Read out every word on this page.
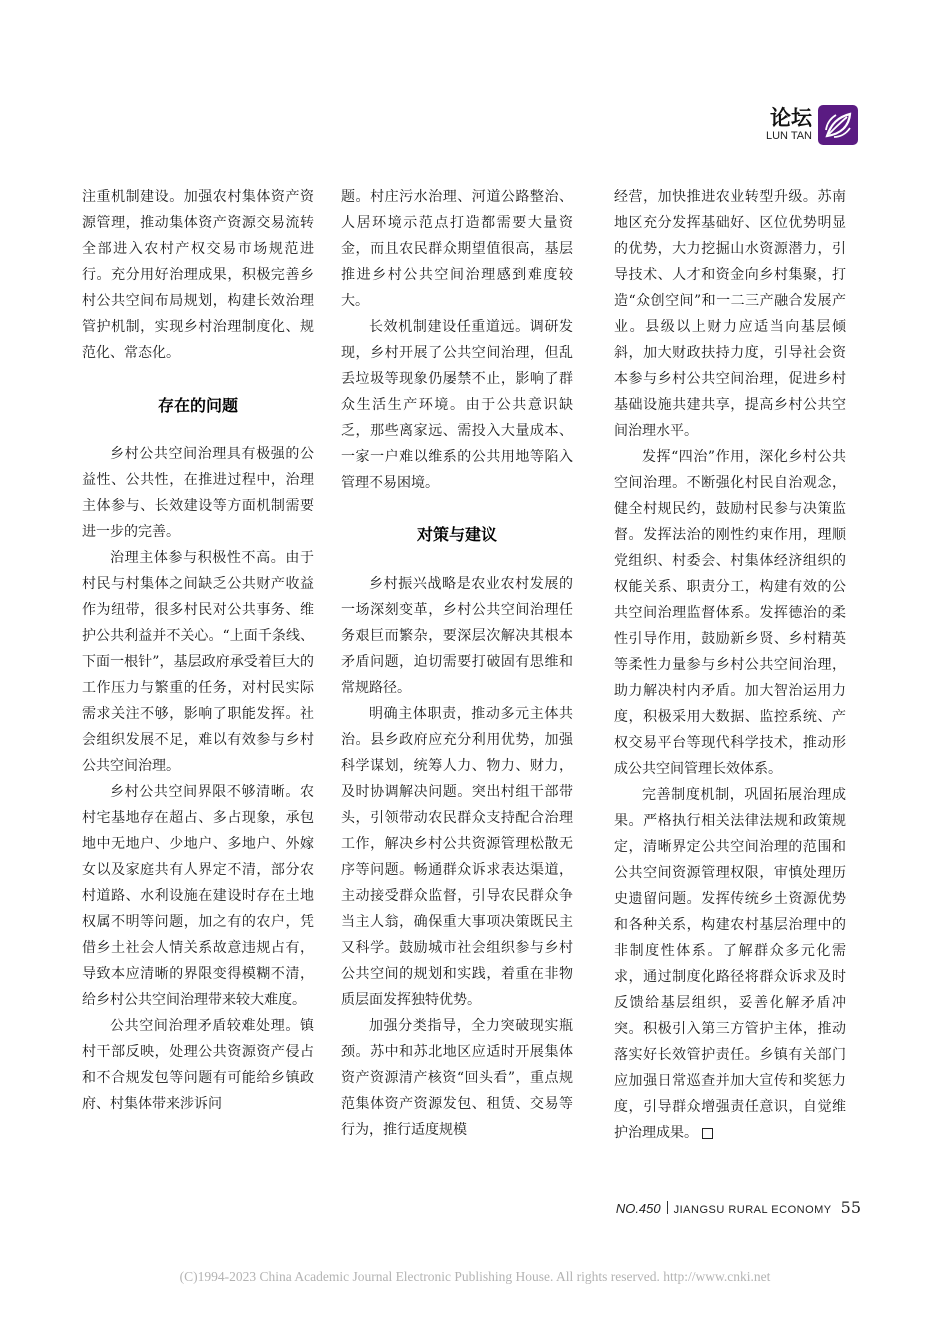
论坛
LUN TAN

注重机制建设。加强农村集体资产资源管理，推动集体资产资源交易流转全部进入农村产权交易市场规范进行。充分用好治理成果，积极完善乡村公共空间布局规划，构建长效治理管护机制，实现乡村治理制度化、规范化、常态化。

存在的问题

乡村公共空间治理具有极强的公益性、公共性，在推进过程中，治理主体参与、长效建设等方面机制需要进一步的完善。

治理主体参与积极性不高。由于村民与村集体之间缺乏公共财产收益作为纽带，很多村民对公共事务、维护公共利益并不关心。“上面千条线、下面一根针”，基层政府承受着巨大的工作压力与繁重的任务，对村民实际需求关注不够，影响了职能发挥。社会组织发展不足，难以有效参与乡村公共空间治理。

乡村公共空间界限不够清晰。农村宅基地存在超占、多占现象，承包地中无地户、少地户、多地户、外嫁女以及家庭共有人界定不清，部分农村道路、水利设施在建设时存在土地权属不明等问题，加之有的农户，凭借乡土社会人情关系故意违规占有，导致本应清晰的界限变得模糊不清，给乡村公共空间治理带来较大难度。

公共空间治理矛盾较难处理。镇村干部反映，处理公共资源资产侵占和不合规发包等问题有可能给乡镇政府、村集体带来涉诉问

题。村庄污水治理、河道公路整治、人居环境示范点打造都需要大量资金，而且农民群众期望值很高，基层推进乡村公共空间治理感到难度较大。

长效机制建设任重道远。调研发现，乡村开展了公共空间治理，但乱丢垃圾等现象仍屡禁不止，影响了群众生活生产环境。由于公共意识缺乏，那些离家远、需投入大量成本、一家一户难以维系的公共用地等陷入管理不易困境。

对策与建议

乡村振兴战略是农业农村发展的一场深刻变革，乡村公共空间治理任务艰巨而繁杂，要深层次解决其根本矛盾问题，迫切需要打破固有思维和常规路径。

明确主体职责，推动多元主体共治。县乡政府应充分利用优势，加强科学谋划，统筹人力、物力、财力，及时协调解决问题。突出村组干部带头，引领带动农民群众支持配合治理工作，解决乡村公共资源管理松散无序等问题。畅通群众诉求表达渠道，主动接受群众监督，引导农民群众争当主人翁，确保重大事项决策既民主又科学。鼓励城市社会组织参与乡村公共空间的规划和实践，着重在非物质层面发挥独特优势。

加强分类指导，全力突破现实瓶颈。苏中和苏北地区应适时开展集体资产资源清产核资“回头看”，重点规范集体资产资源发包、租赁、交易等行为，推行适度规模

经营，加快推进农业转型升级。苏南地区充分发挥基础好、区位优势明显的优势，大力挖掘山水资源潜力，引导技术、人才和资金向乡村集聚，打造“众创空间”和一二三产融合发展产业。县级以上财力应适当向基层倾斜，加大财政扶持力度，引导社会资本参与乡村公共空间治理，促进乡村基础设施共建共享，提高乡村公共空间治理水平。

发挥“四治”作用，深化乡村公共空间治理。不断强化村民自治观念，健全村规民约，鼓励村民参与决策监督。发挥法治的刚性约束作用，理顺党组织、村委会、村集体经济组织的权能关系、职责分工，构建有效的公共空间治理监督体系。发挥德治的柔性引导作用，鼓励新乡贤、乡村精英等柔性力量参与乡村公共空间治理，助力解决村内矛盾。加大智治运用力度，积极采用大数据、监控系统、产权交易平台等现代科学技术，推动形成公共空间管理长效体系。

完善制度机制，巩固拓展治理成果。严格执行相关法律法规和政策规定，清晰界定公共空间治理的范围和公共空间资源管理权限，审慎处理历史遗留问题。发挥传统乡土资源优势和各种关系，构建农村基层治理中的非制度性体系。了解群众多元化需求，通过制度化路径将群众诉求及时反馈给基层组织，妥善化解矛盾冲突。积极引入第三方管护主体，推动落实好长效管护责任。乡镇有关部门应加强日常巡查并加大宣传和奖惩力度，引导群众增强责任意识，自觉维护治理成果。

NO.450 JIANGSU RURAL ECONOMY 55
(C)1994-2023 China Academic Journal Electronic Publishing House. All rights reserved. http://www.cnki.net
